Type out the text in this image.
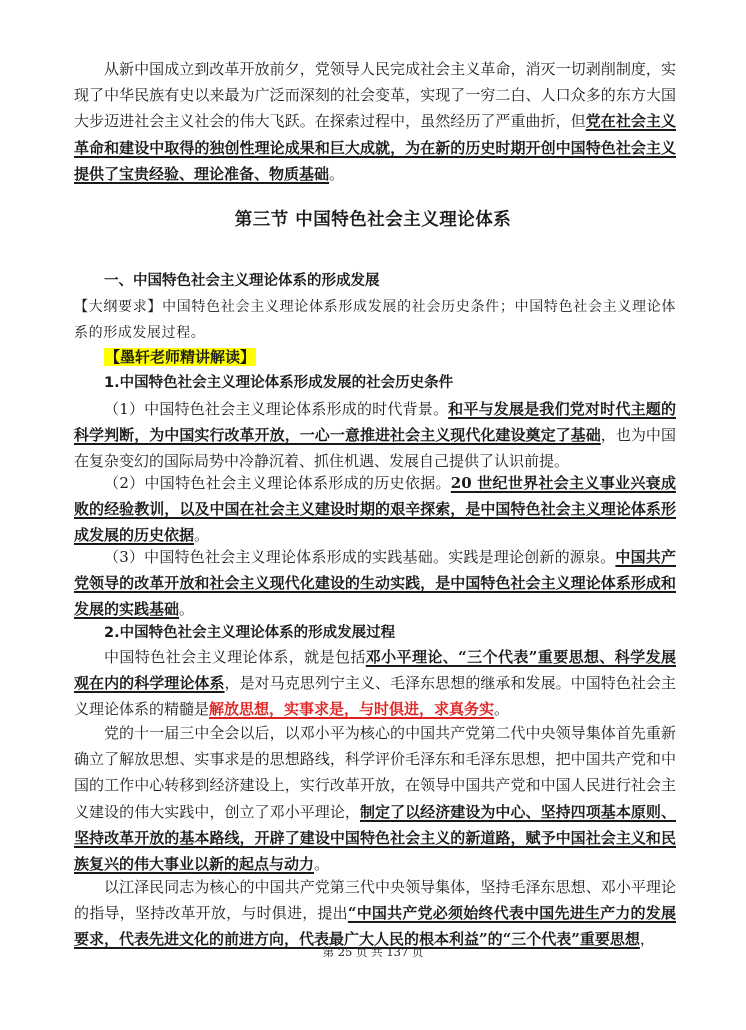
从新中国成立到改革开放前夕，党领导人民完成社会主义革命，消灭一切剥削制度，实现了中华民族有史以来最为广泛而深刻的社会变革，实现了一穷二白、人口众多的东方大国大步迈进社会主义社会的伟大飞跃。在探索过程中，虽然经历了严重曲折，但党在社会主义革命和建设中取得的独创性理论成果和巨大成就，为在新的历史时期开创中国特色社会主义提供了宝贵经验、理论准备、物质基础。

第三节 中国特色社会主义理论体系

一、中国特色社会主义理论体系的形成发展

【大纲要求】中国特色社会主义理论体系形成发展的社会历史条件；中国特色社会主义理论体系的形成发展过程。

【墨轩老师精讲解读】

1.中国特色社会主义理论体系形成发展的社会历史条件

（1）中国特色社会主义理论体系形成的时代背景。和平与发展是我们党对时代主题的科学判断，为中国实行改革开放，一心一意推进社会主义现代化建设奠定了基础，也为中国在复杂变幻的国际局势中冷静沉着、抓住机遇、发展自己提供了认识前提。

（2）中国特色社会主义理论体系形成的历史依据。20 世纪世界社会主义事业兴衰成败的经验教训，以及中国在社会主义建设时期的艰辛探索，是中国特色社会主义理论体系形成发展的历史依据。

（3）中国特色社会主义理论体系形成的实践基础。实践是理论创新的源泉。中国共产党领导的改革开放和社会主义现代化建设的生动实践，是中国特色社会主义理论体系形成和发展的实践基础。

2.中国特色社会主义理论体系的形成发展过程

中国特色社会主义理论体系，就是包括邓小平理论、“三个代表”重要思想、科学发展观在内的科学理论体系，是对马克思列宁主义、毛泽东思想的继承和发展。中国特色社会主义理论体系的精髓是解放思想，实事求是，与时俱进，求真务实。

党的十一届三中全会以后，以邓小平为核心的中国共产党第二代中央领导集体首先重新确立了解放思想、实事求是的思想路线，科学评价毛泽东和毛泽东思想，把中国共产党和中国的工作中心转移到经济建设上，实行改革开放，在领导中国共产党和中国人民进行社会主义建设的伟大实践中，创立了邓小平理论，制定了以经济建设为中心、坚持四项基本原则、坚持改革开放的基本路线，开辟了建设中国特色社会主义的新道路，赋予中国社会主义和民族复兴的伟大事业以新的起点与动力。

以江泽民同志为核心的中国共产党第三代中央领导集体，坚持毛泽东思想、邓小平理论的指导，坚持改革开放，与时俱进，提出“中国共产党必须始终代表中国先进生产力的发展要求，代表先进文化的前进方向，代表最广大人民的根本利益”的“三个代表”重要思想，

第 25 页 共 137 页
